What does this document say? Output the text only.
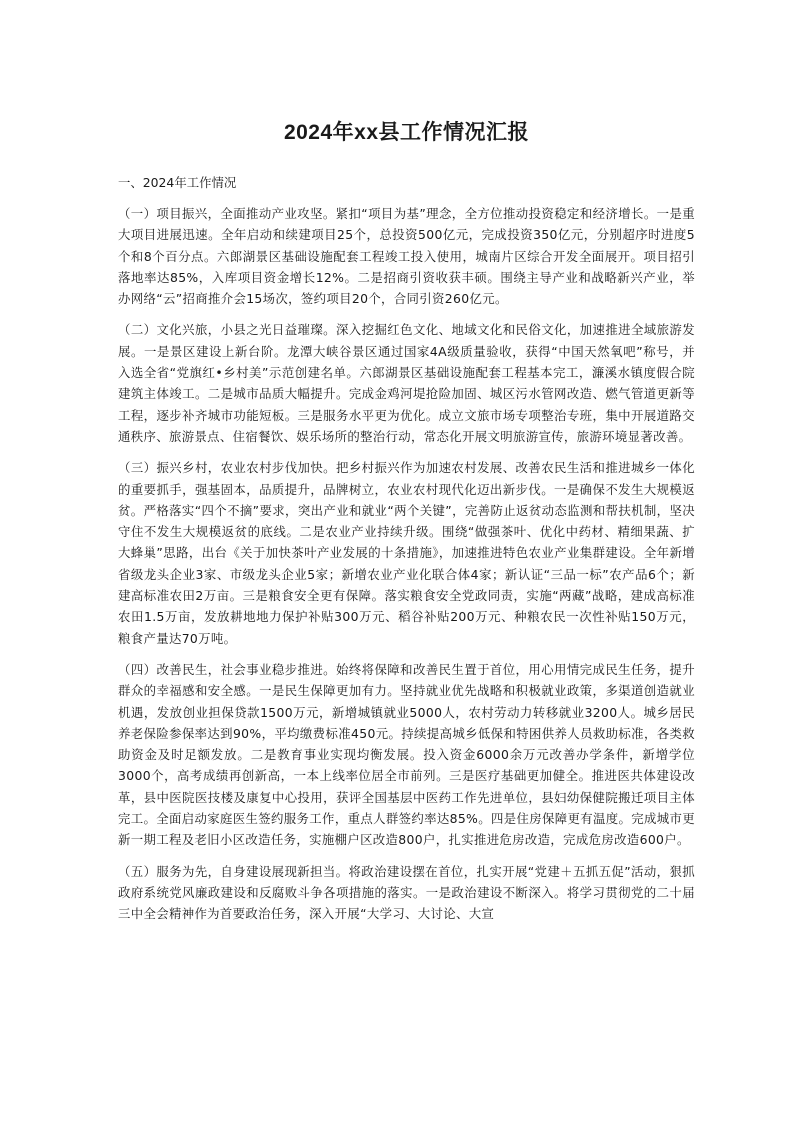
2024年xx县工作情况汇报
一、2024年工作情况

（一）项目振兴，全面推动产业攻坚。紧扣“项目为基”理念，全方位推动投资稳定和经济增长。一是重大项目进展迅速。全年启动和续建项目25个，总投资500亿元，完成投资350亿元，分别超序时进度5个和8个百分点。六郎湖景区基础设施配套工程竣工投入使用，城南片区综合开发全面展开。项目招引落地率达85%，入库项目资金增长12%。二是招商引资收获丰硕。围绕主导产业和战略新兴产业，举办网络“云”招商推介会15场次，签约项目20个，合同引资260亿元。

（二）文化兴旅，小县之光日益璀璨。深入挖掘红色文化、地域文化和民俗文化，加速推进全域旅游发展。一是景区建设上新台阶。龙潭大峡谷景区通过国家4A级质量验收，获得“中国天然氧吧”称号，并入选全省“党旗红•乡村美”示范创建名单。六郎湖景区基础设施配套工程基本完工，濂溪水镇度假合院建筑主体竣工。二是城市品质大幅提升。完成金鸡河堤抢险加固、城区污水管网改造、燃气管道更新等工程，逐步补齐城市功能短板。三是服务水平更为优化。成立文旅市场专项整治专班，集中开展道路交通秩序、旅游景点、住宿餐饮、娱乐场所的整治行动，常态化开展文明旅游宣传，旅游环境显著改善。

（三）振兴乡村，农业农村步伐加快。把乡村振兴作为加速农村发展、改善农民生活和推进城乡一体化的重要抓手，强基固本，品质提升，品牌树立，农业农村现代化迈出新步伐。一是确保不发生大规模返贫。严格落实“四个不摘”要求，突出产业和就业“两个关键”，完善防止返贫动态监测和帮扶机制，坚决守住不发生大规模返贫的底线。二是农业产业持续升级。围绕“做强茶叶、优化中药材、精细果蔬、扩大蜂巢”思路，出台《关于加快茶叶产业发展的十条措施》，加速推进特色农业产业集群建设。全年新增省级龙头企业3家、市级龙头企业5家；新增农业产业化联合体4家；新认证“三品一标”农产品6个；新建高标准农田2万亩。三是粮食安全更有保障。落实粮食安全党政同责，实施“两藏”战略，建成高标准农田1.5万亩，发放耕地地力保护补贴300万元、稻谷补贴200万元、种粮农民一次性补贴150万元，粮食产量达70万吨。

（四）改善民生，社会事业稳步推进。始终将保障和改善民生置于首位，用心用情完成民生任务，提升群众的幸福感和安全感。一是民生保障更加有力。坚持就业优先战略和积极就业政策，多渠道创造就业机遇，发放创业担保贷款1500万元，新增城镇就业5000人，农村劳动力转移就业3200人。城乡居民养老保险参保率达到90%，平均缴费标准450元。持续提高城乡低保和特困供养人员救助标准，各类救助资金及时足额发放。二是教育事业实现均衡发展。投入资金6000余万元改善办学条件，新增学位3000个，高考成绩再创新高，一本上线率位居全市前列。三是医疗基础更加健全。推进医共体建设改革，县中医院医技楼及康复中心投用，获评全国基层中医药工作先进单位，县妇幼保健院搬迁项目主体完工。全面启动家庭医生签约服务工作，重点人群签约率达85%。四是住房保障更有温度。完成城市更新一期工程及老旧小区改造任务，实施棚户区改造800户，扎实推进危房改造，完成危房改造600户。

（五）服务为先，自身建设展现新担当。将政治建设摆在首位，扎实开展“党建＋五抓五促”活动，狠抓政府系统党风廉政建设和反腐败斗争各项措施的落实。一是政治建设不断深入。将学习贯彻党的二十届三中全会精神作为首要政治任务，深入开展“大学习、大讨论、大宣
